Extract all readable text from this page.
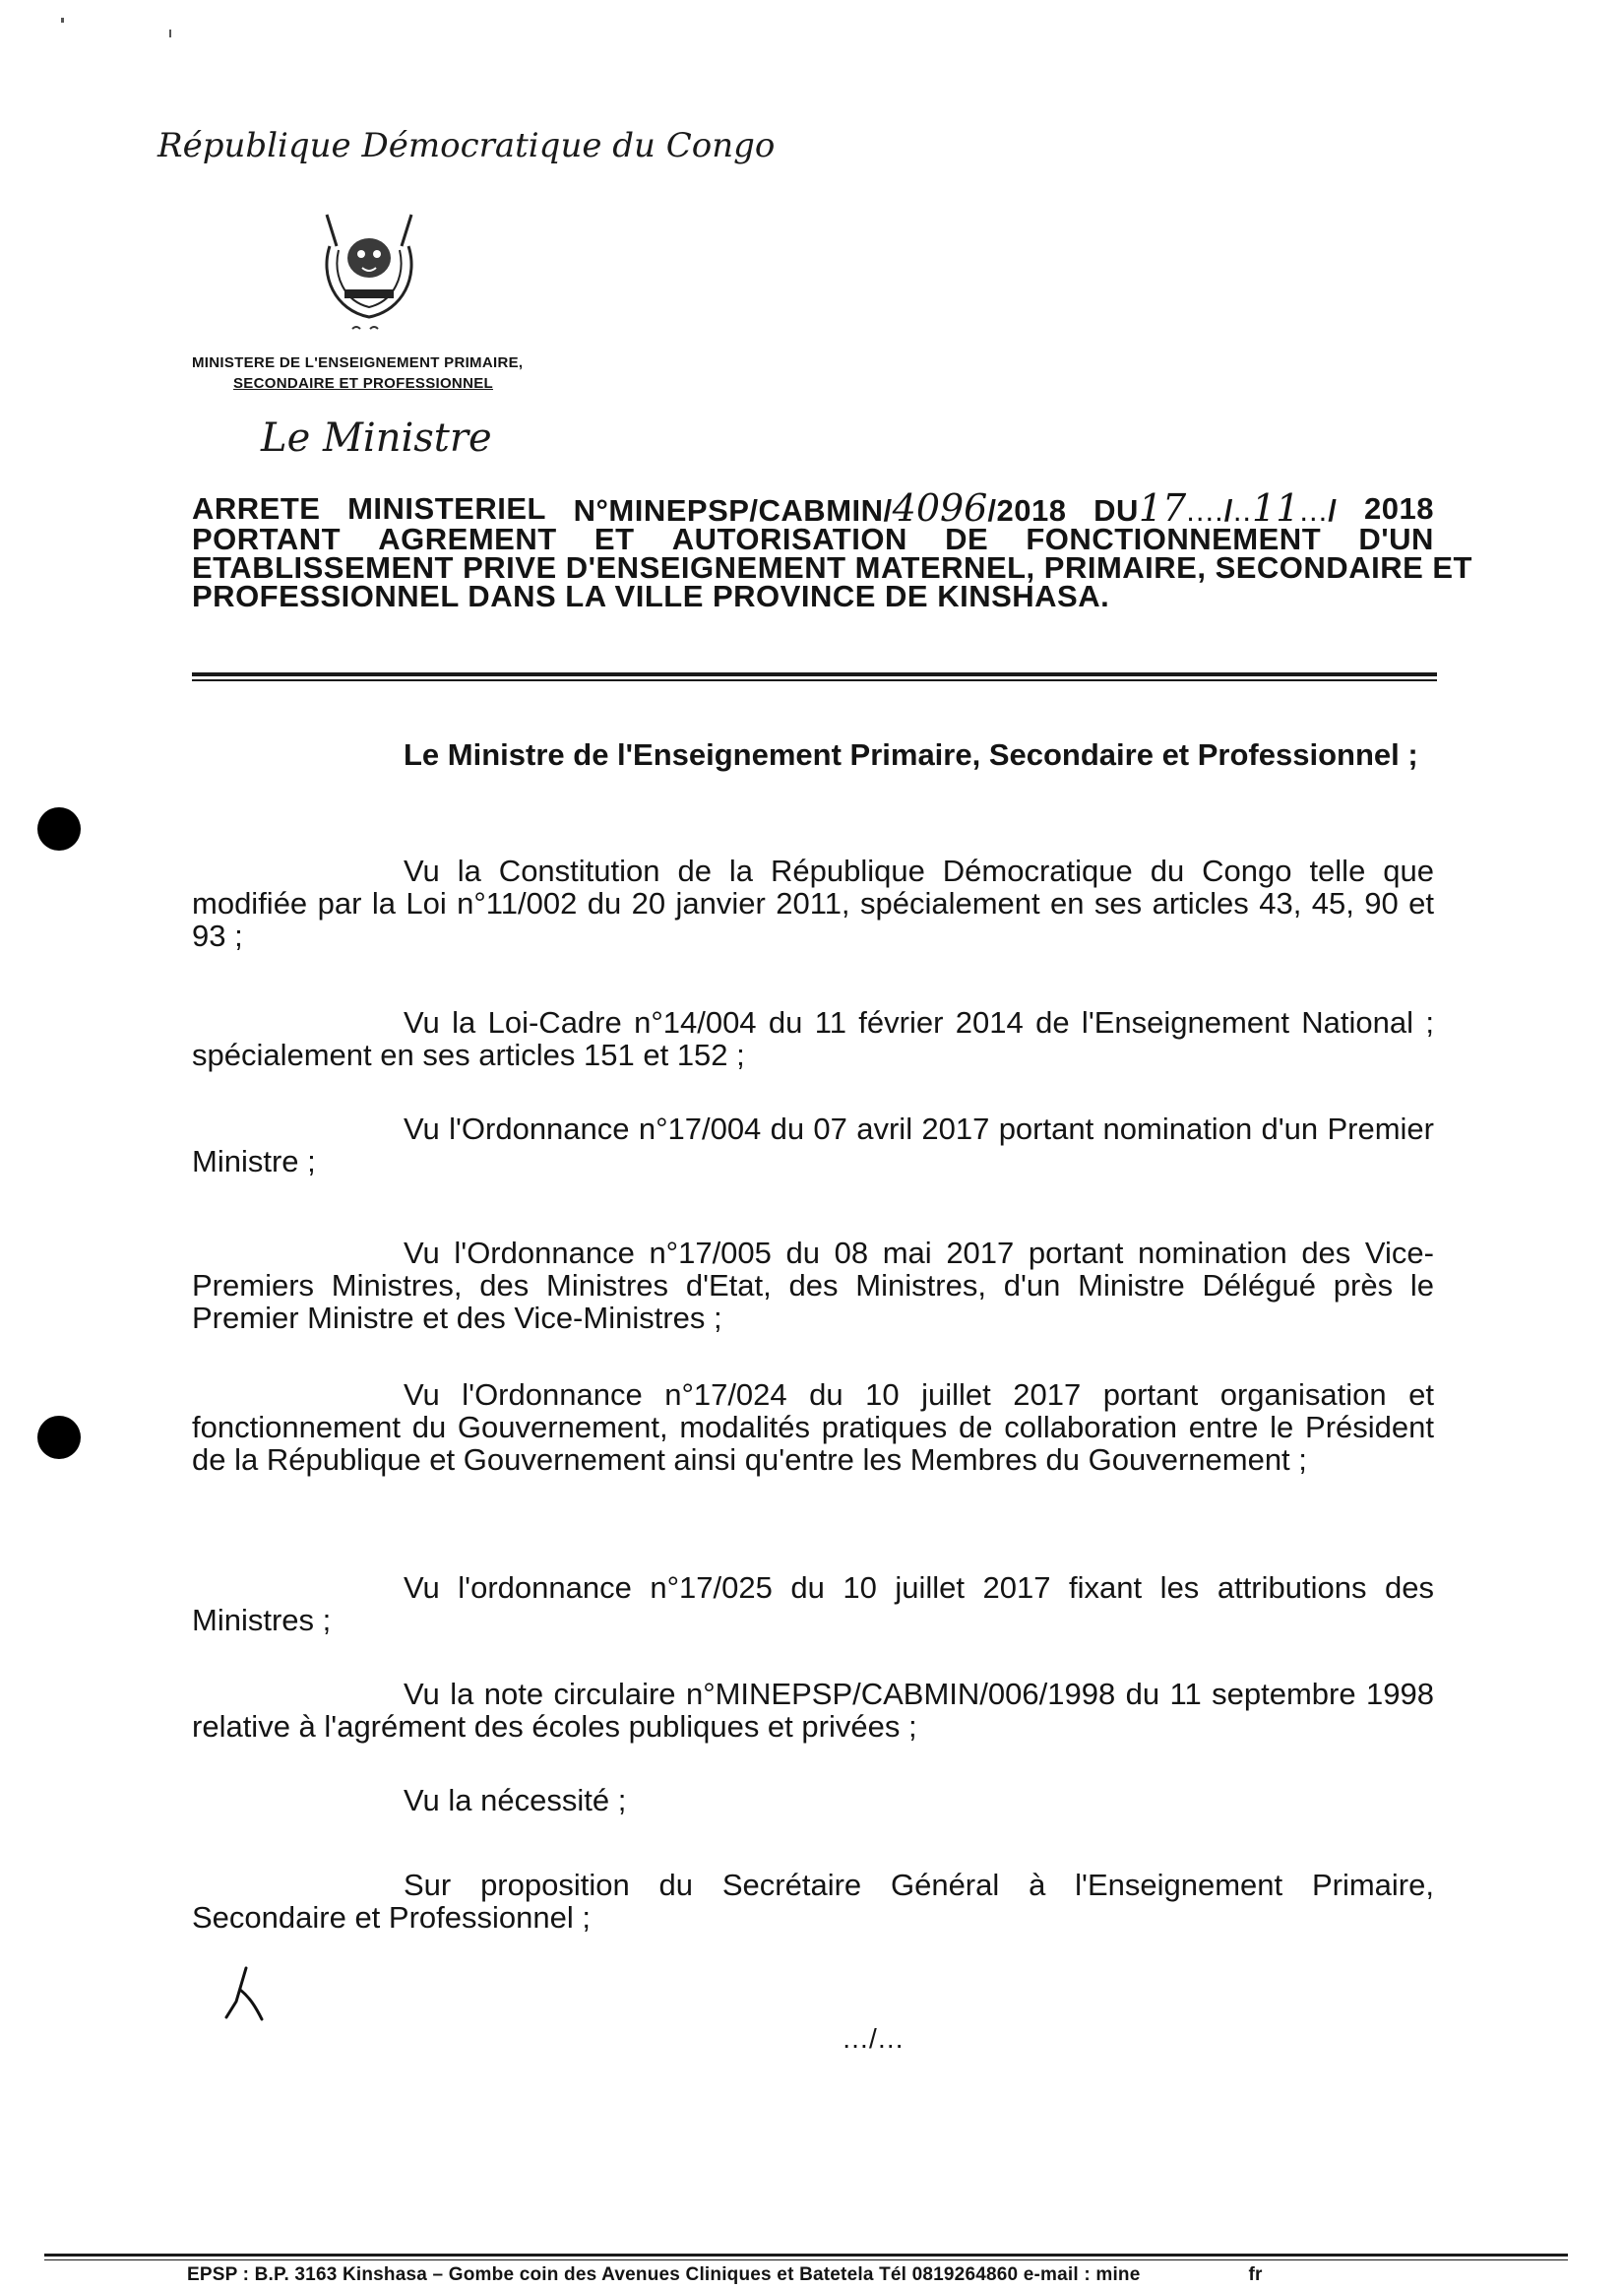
République Démocratique du Congo
MINISTERE DE L'ENSEIGNEMENT PRIMAIRE,
SECONDAIRE ET PROFESSIONNEL
Le Ministre
ARRETE MINISTERIEL N°MINEPSP/CABMIN/4096/2018 DU17..../..11.../ 2018
PORTANT AGREMENT ET AUTORISATION DE FONCTIONNEMENT D'UN
ETABLISSEMENT PRIVE D'ENSEIGNEMENT MATERNEL, PRIMAIRE, SECONDAIRE ET
PROFESSIONNEL DANS LA VILLE PROVINCE DE KINSHASA.
Le Ministre de l'Enseignement Primaire, Secondaire et Professionnel ;
Vu la Constitution de la République Démocratique du Congo telle que modifiée par la Loi n°11/002 du 20 janvier 2011, spécialement en ses articles 43, 45, 90 et 93 ;
Vu la Loi-Cadre n°14/004 du 11 février 2014 de l'Enseignement National ; spécialement en ses articles 151 et 152 ;
Vu l'Ordonnance n°17/004 du 07 avril 2017 portant nomination d'un Premier Ministre ;
Vu l'Ordonnance n°17/005 du 08 mai 2017 portant nomination des Vice-Premiers Ministres, des Ministres d'Etat, des Ministres, d'un Ministre Délégué près le Premier Ministre et des Vice-Ministres ;
Vu l'Ordonnance n°17/024 du 10 juillet 2017 portant organisation et fonctionnement du Gouvernement, modalités pratiques de collaboration entre le Président de la République et Gouvernement ainsi qu'entre les Membres du Gouvernement ;
Vu l'ordonnance n°17/025 du 10 juillet 2017 fixant les attributions des Ministres ;
Vu la note circulaire n°MINEPSP/CABMIN/006/1998 du 11 septembre 1998 relative à l'agrément des écoles publiques et privées ;
Vu la nécessité ;
Sur proposition du Secrétaire Général à l'Enseignement Primaire, Secondaire et Professionnel ;
…/…
EPSP : B.P. 3163 Kinshasa – Gombe coin des Avenues Cliniques et Batetela Tél 0819264860 e-mail : mine	fr
